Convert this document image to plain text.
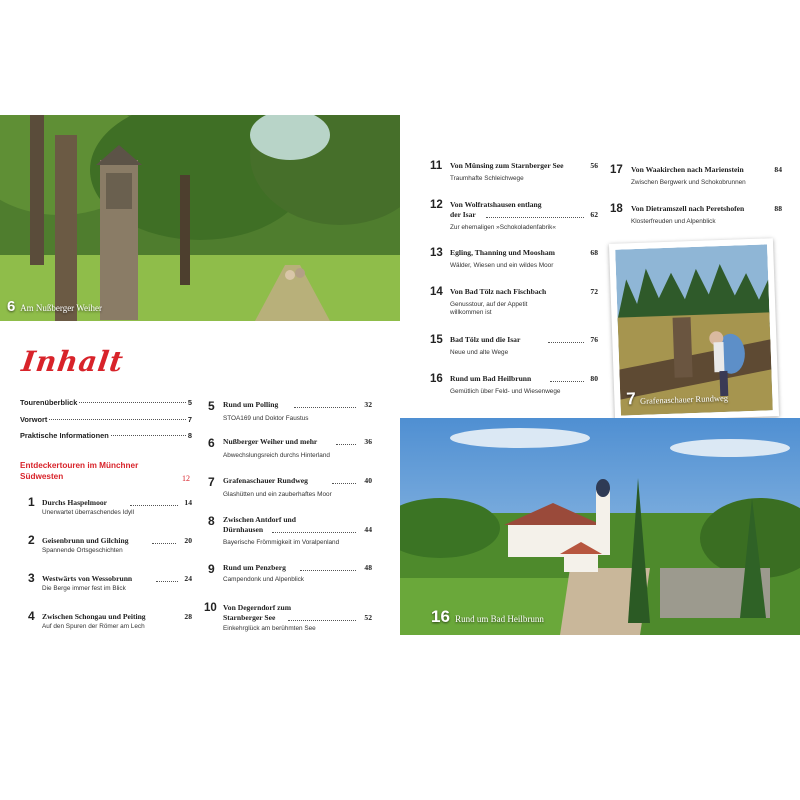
6 Am Nußberger Weiher
Inhalt
Tourenüberblick	5
Vorwort	7
Praktische Informationen	8
Entdeckertouren im Münchner Südwesten	12
1 Durchs Haspelmoor	14
Unerwartet überraschendes Idyll
2 Geisenbrunn und Gilching	20
Spannende Ortsgeschichten
3 Westwärts von Wessobrunn	24
Die Berge immer fest im Blick
4 Zwischen Schongau und Peiting	28
Auf den Spuren der Römer am Lech
5	Rund um Polling	32
STOA169 und Doktor Faustus
6	Nußberger Weiher und mehr	36
Abwechslungsreich durchs Hinterland
7	Grafenaschauer Rundweg	40
Glashütten und ein zauberhaftes Moor
8	Zwischen Antdorf und
Dürnhausen	44
Bayerische Frömmigkeit im Voralpenland
9	Rund um Penzberg	48
Campendonk und Alpenblick
10 Von Degerndorf zum
Starnberger See	52
Einkehrglück am berühmten See
11 Von Münsing zum Starnberger See	56
Traumhafte Schleichwege
12 Von Wolfratshausen entlang
der Isar	62
Zur ehemaligen »Schokoladenfabrik«
13 Egling, Thanning und Moosham	68
Wälder, Wiesen und ein wildes Moor
14 Von Bad Tölz nach Fischbach	72
Genusstour, auf der Appetit
willkommen ist
15 Bad Tölz und die Isar	76
Neue und alte Wege
16 Rund um Bad Heilbrunn	80
Gemütlich über Feld- und Wiesenwege
17 Von Waakirchen nach Marienstein	84
Zwischen Bergwerk und Schokobrunnen
18 Von Dietramszell nach Peretshofen	88
Klosterfreuden und Alpenblick
7 Grafenaschauer Rundweg
16 Rund um Bad Heilbrunn
